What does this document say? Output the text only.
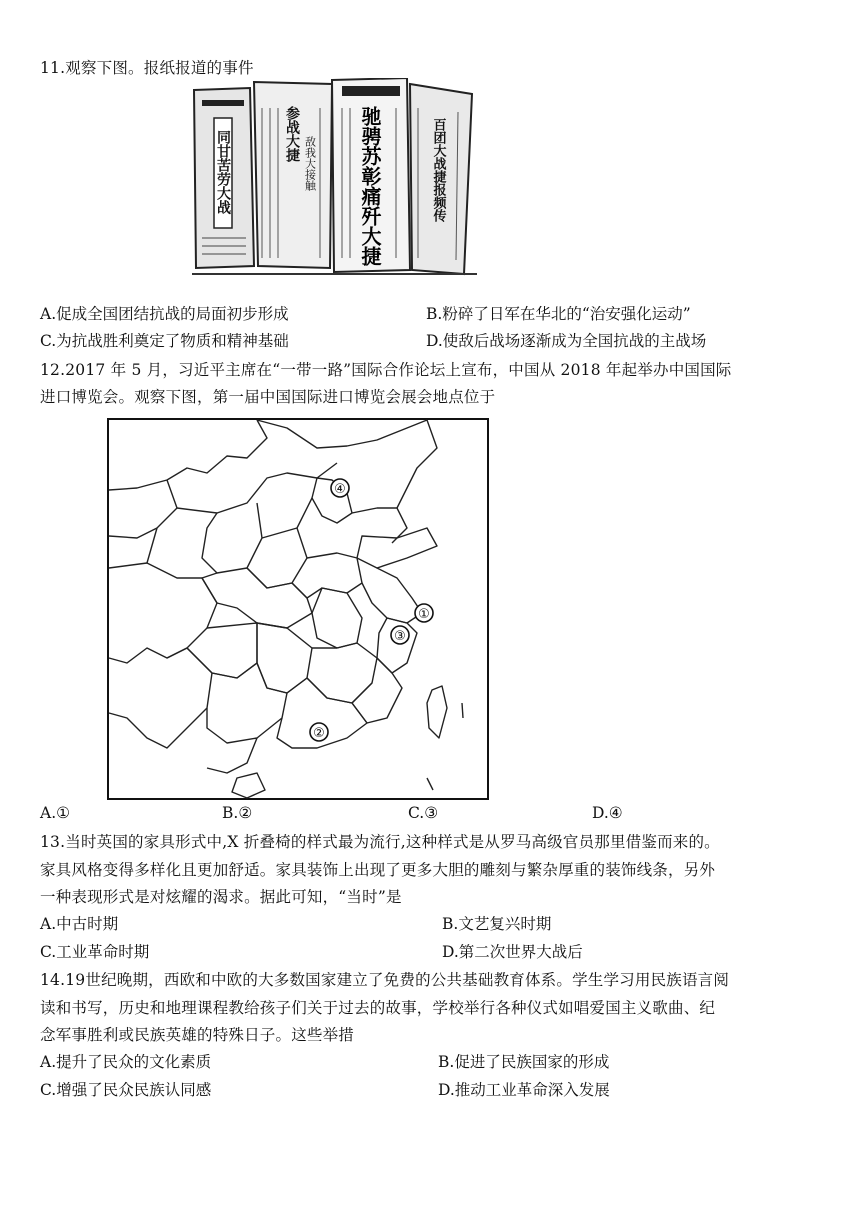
11.观察下图。报纸报道的事件
同甘苦劳大战	参战大捷
敌我大接触 驰骋苏彰痛歼大捷	百团大战捷报频传
A.促成全国团结抗战的局面初步形成	B.粉碎了日军在华北的“治安强化运动”
C.为抗战胜利奠定了物质和精神基础	D.使敌后战场逐渐成为全国抗战的主战场
12.2017 年 5 月，习近平主席在“一带一路”国际合作论坛上宣布，中国从 2018 年起举办中国国际
进口博览会。观察下图，第一届中国国际进口博览会展会地点位于
④
①
③
②
A.①	B.②	C.③	D.④
13.当时英国的家具形式中,X 折叠椅的样式最为流行,这种样式是从罗马高级官员那里借鉴而来的。
家具风格变得多样化且更加舒适。家具装饰上出现了更多大胆的雕刻与繁杂厚重的装饰线条，另外
一种表现形式是对炫耀的渴求。据此可知，“当时”是
A.中古时期	B.文艺复兴时期
C.工业革命时期	D.第二次世界大战后
14.19世纪晚期，西欧和中欧的大多数国家建立了免费的公共基础教育体系。学生学习用民族语言阅
读和书写，历史和地理课程教给孩子们关于过去的故事，学校举行各种仪式如唱爱国主义歌曲、纪
念军事胜利或民族英雄的特殊日子。这些举措
A.提升了民众的文化素质	B.促进了民族国家的形成
C.增强了民众民族认同感	D.推动工业革命深入发展
